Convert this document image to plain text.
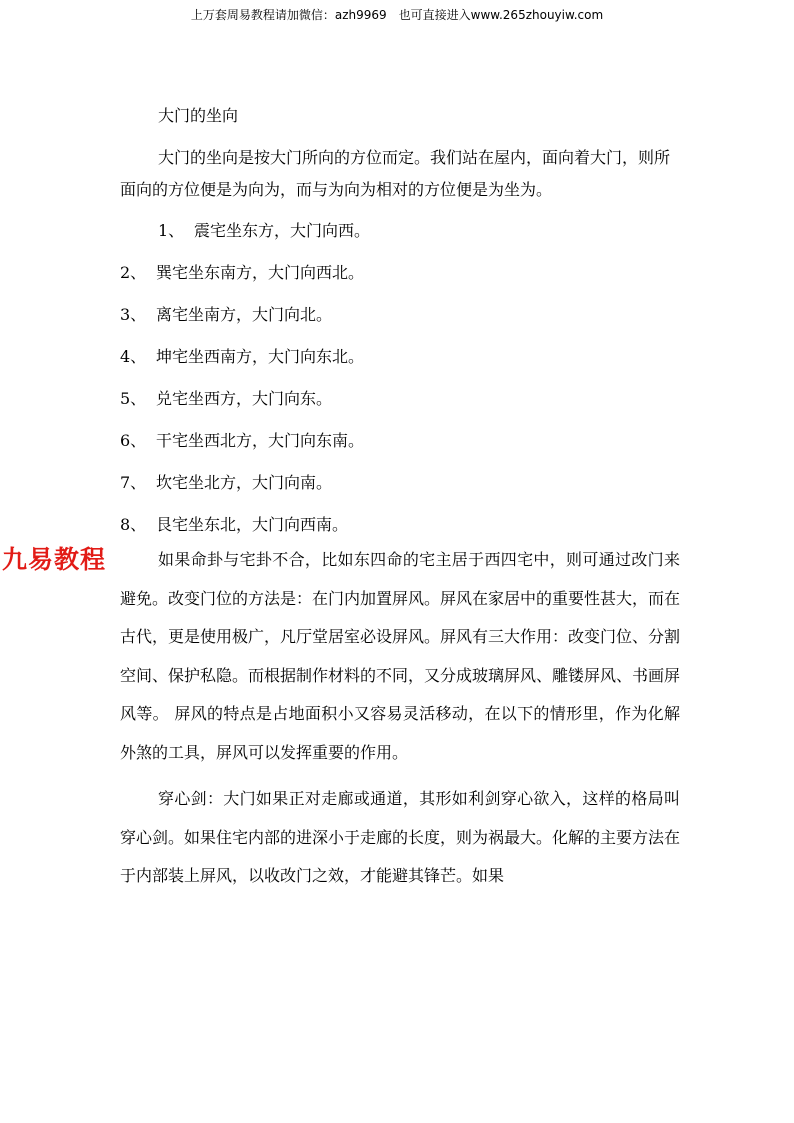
上万套周易教程请加微信：azh9969　也可直接进入www.265zhouyiw.com
九易教程

大门的坐向

大门的坐向是按大门所向的方位而定。我们站在屋内，面向着大门，则所面向的方位便是为向为，而与为向为相对的方位便是为坐为。

1、 震宅坐东方，大门向西。
2、 巽宅坐东南方，大门向西北。
3、 离宅坐南方，大门向北。
4、 坤宅坐西南方，大门向东北。
5、 兑宅坐西方，大门向东。
6、 干宅坐西北方，大门向东南。
7、 坎宅坐北方，大门向南。
8、 艮宅坐东北，大门向西南。

如果命卦与宅卦不合，比如东四命的宅主居于西四宅中，则可通过改门来避免。改变门位的方法是：在门内加置屏风。屏风在家居中的重要性甚大，而在古代，更是使用极广，凡厅堂居室必设屏风。屏风有三大作用：改变门位、分割空间、保护私隐。而根据制作材料的不同，又分成玻璃屏风、雕镂屏风、书画屏风等。 屏风的特点是占地面积小又容易灵活移动，在以下的情形里，作为化解外煞的工具，屏风可以发挥重要的作用。

穿心剑：大门如果正对走廊或通道，其形如利剑穿心欲入，这样的格局叫穿心剑。如果住宅内部的进深小于走廊的长度，则为祸最大。化解的主要方法在于内部装上屏风，以收改门之效，才能避其锋芒。如果
